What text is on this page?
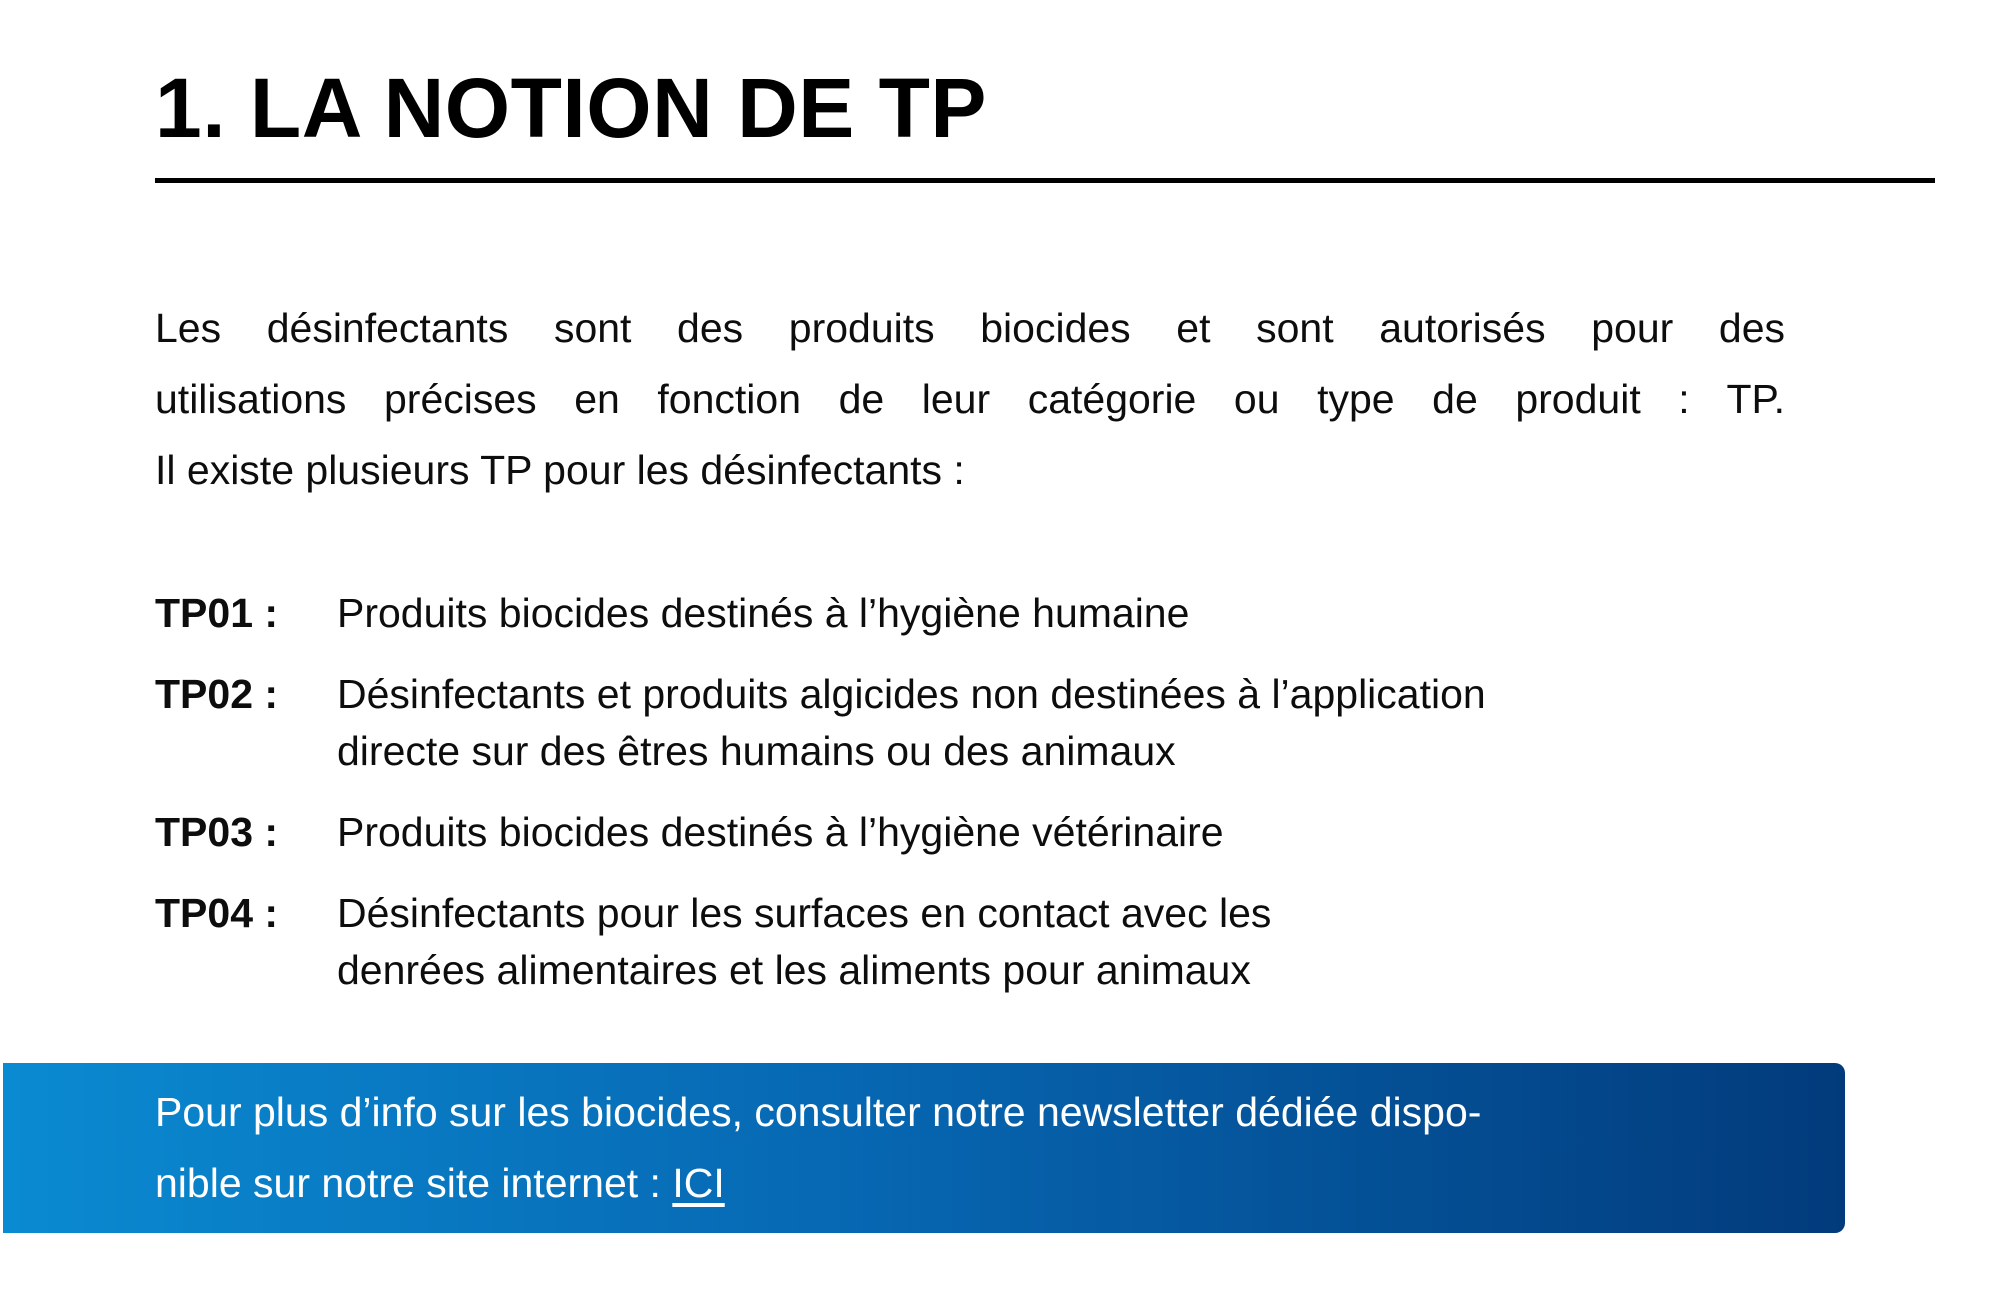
1. LA NOTION DE TP

Les désinfectants sont des produits biocides et sont autorisés pour des
utilisations précises en fonction de leur catégorie ou type de produit : TP.
Il existe plusieurs TP pour les désinfectants :

TP01 :	Produits biocides destinés à l’hygiène humaine
TP02 :	Désinfectants et produits algicides non destinées à l’application
directe sur des êtres humains ou des animaux
TP03 :	Produits biocides destinés à l’hygiène vétérinaire
TP04 :	Désinfectants pour les surfaces en contact avec les
denrées alimentaires et les aliments pour animaux

Pour plus d’info sur les biocides, consulter notre newsletter dédiée dispo-
nible sur notre site internet : ICI
